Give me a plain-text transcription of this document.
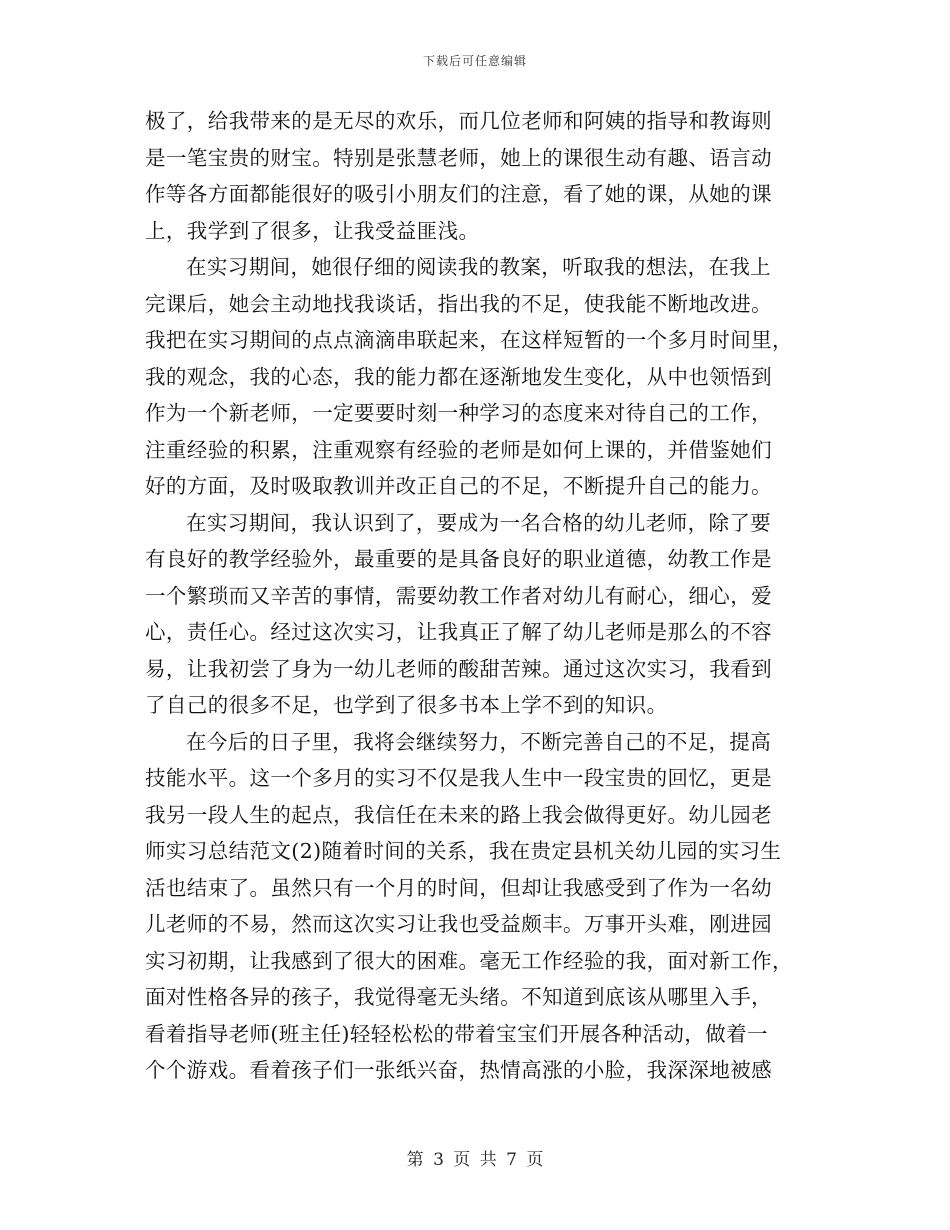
下载后可任意编辑
极了，给我带来的是无尽的欢乐，而几位老师和阿姨的指导和教诲则
是一笔宝贵的财宝。特别是张慧老师，她上的课很生动有趣、语言动
作等各方面都能很好的吸引小朋友们的注意，看了她的课，从她的课
上，我学到了很多，让我受益匪浅。
在实习期间，她很仔细的阅读我的教案，听取我的想法，在我上
完课后，她会主动地找我谈话，指出我的不足，使我能不断地改进。
我把在实习期间的点点滴滴串联起来，在这样短暂的一个多月时间里，
我的观念，我的心态，我的能力都在逐渐地发生变化，从中也领悟到
作为一个新老师，一定要要时刻一种学习的态度来对待自己的工作，
注重经验的积累，注重观察有经验的老师是如何上课的，并借鉴她们
好的方面，及时吸取教训并改正自己的不足，不断提升自己的能力。
在实习期间，我认识到了，要成为一名合格的幼儿老师，除了要
有良好的教学经验外，最重要的是具备良好的职业道德，幼教工作是
一个繁琐而又辛苦的事情，需要幼教工作者对幼儿有耐心，细心，爱
心，责任心。经过这次实习，让我真正了解了幼儿老师是那么的不容
易，让我初尝了身为一幼儿老师的酸甜苦辣。通过这次实习，我看到
了自己的很多不足，也学到了很多书本上学不到的知识。
在今后的日子里，我将会继续努力，不断完善自己的不足，提高
技能水平。这一个多月的实习不仅是我人生中一段宝贵的回忆，更是
我另一段人生的起点，我信任在未来的路上我会做得更好。幼儿园老
师实习总结范文(2)随着时间的关系，我在贵定县机关幼儿园的实习生
活也结束了。虽然只有一个月的时间，但却让我感受到了作为一名幼
儿老师的不易，然而这次实习让我也受益颇丰。万事开头难，刚进园
实习初期，让我感到了很大的困难。毫无工作经验的我，面对新工作，
面对性格各异的孩子，我觉得毫无头绪。不知道到底该从哪里入手，
看着指导老师(班主任)轻轻松松的带着宝宝们开展各种活动，做着一
个个游戏。看着孩子们一张纸兴奋，热情高涨的小脸，我深深地被感
第 3 页 共 7 页
